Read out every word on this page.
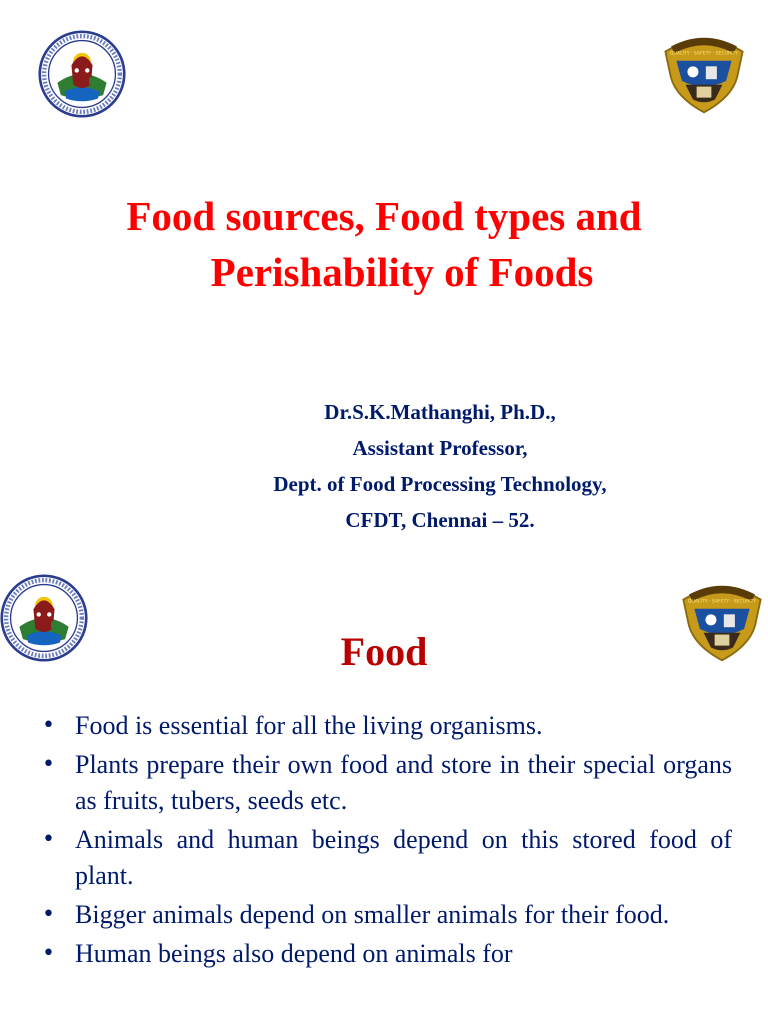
Food sources, Food types and
Perishability of Foods
Dr.S.K.Mathanghi, Ph.D.,
Assistant Professor,
Dept. of Food Processing Technology,
CFDT, Chennai – 52.
Food
• Food is essential for all the living organisms.
• Plants prepare their own food and store in their special organs as fruits, tubers, seeds etc.
• Animals and human beings depend on this stored food of plant.
• Bigger animals depend on smaller animals for their food.
• Human beings also depend on animals for
